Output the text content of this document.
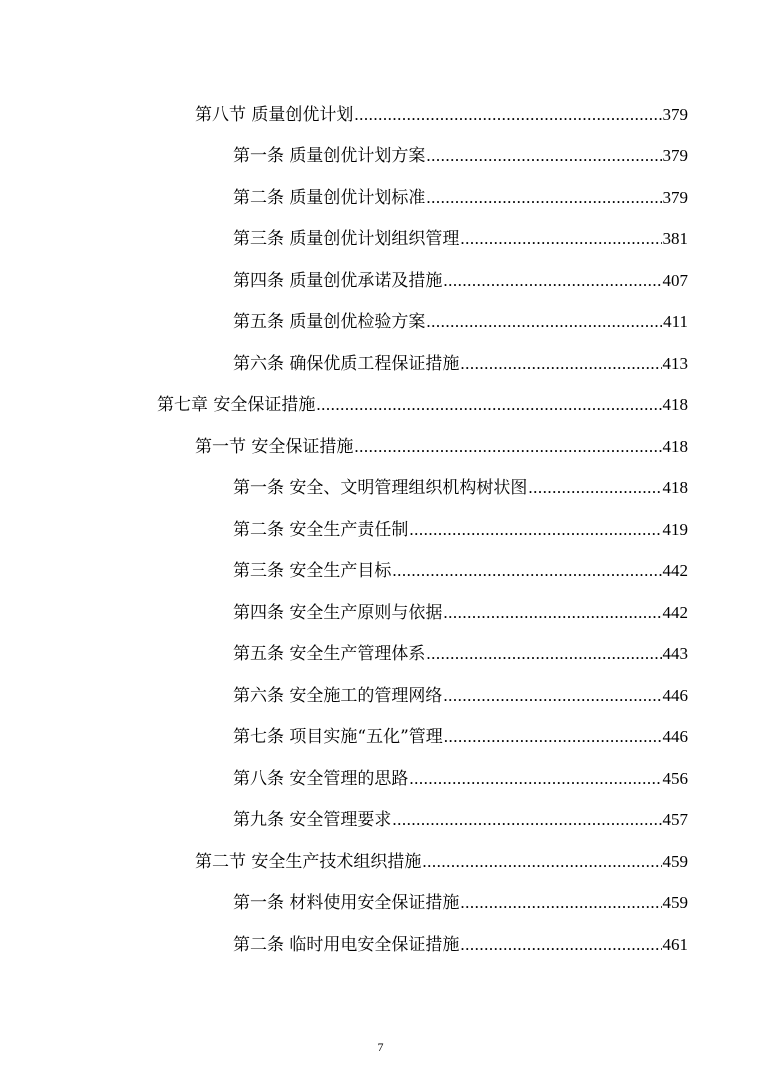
第八节 质量创优计划 .....	379
第一条 质量创优计划方案 .....	379
第二条 质量创优计划标准 .....	379
第三条 质量创优计划组织管理 .....	381
第四条 质量创优承诺及措施 .....	407
第五条 质量创优检验方案 .....	411
第六条 确保优质工程保证措施 .....	413
第七章 安全保证措施 .....	418
第一节 安全保证措施 .....	418
第一条 安全、文明管理组织机构树状图 .....	418
第二条 安全生产责任制 .....	419
第三条 安全生产目标 .....	442
第四条 安全生产原则与依据 .....	442
第五条 安全生产管理体系 .....	443
第六条 安全施工的管理网络 .....	446
第七条 项目实施“五化”管理 .....	446
第八条 安全管理的思路 .....	456
第九条 安全管理要求 .....	457
第二节 安全生产技术组织措施 .....	459
第一条 材料使用安全保证措施 .....	459
第二条 临时用电安全保证措施 .....	461
7
